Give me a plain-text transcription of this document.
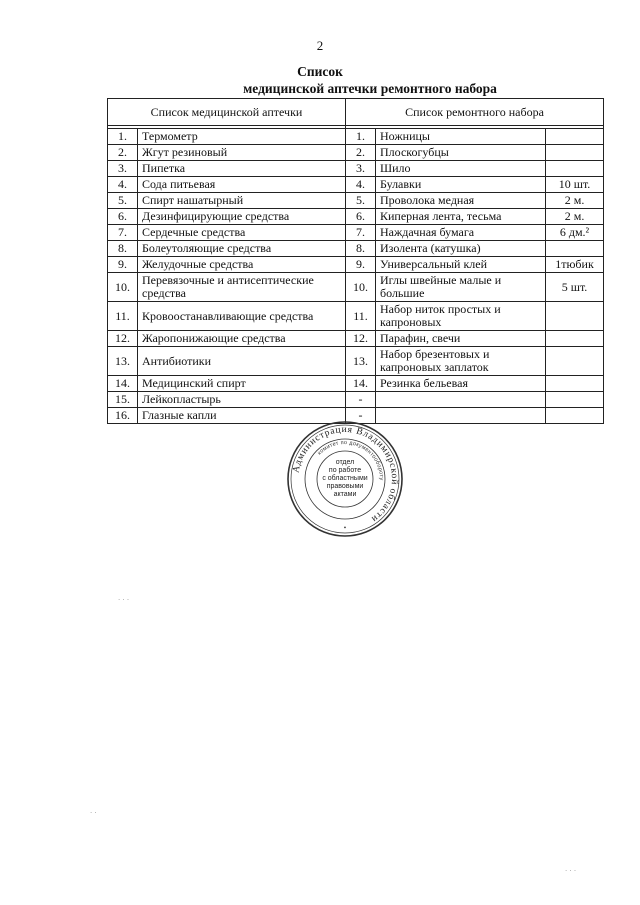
2
Список
медицинской аптечки ремонтного набора
Список медицинской аптечки		Список ремонтного набора		

1.	Термометр	1.	Ножницы	
2.	Жгут резиновый	2.	Плоскогубцы	
3.	Пипетка	3.	Шило	
4.	Сода питьевая	4.	Булавки	10 шт.
5.	Спирт нашатырный	5.	Проволока медная	2 м.
6.	Дезинфицирующие средства	6.	Киперная лента, тесьма	2 м.
7.	Сердечные средства	7.	Наждачная бумага	6 дм.²
8.	Болеутоляющие средства	8.	Изолента (катушка)	
9.	Желудочные средства	9.	Универсальный клей	1тюбик
10.	Перевязочные и антисептические средства	10.	Иглы швейные малые и большие	5 шт.
11.	Кровоостанавливающие средства	11.	Набор ниток простых и капроновых	
12.	Жаропонижающие средства	12.	Парафин, свечи	
13.	Антибиотики	13.	Набор брезентовых и капроновых заплаток	
14.	Медицинский спирт	14.	Резинка бельевая	
15.	Лейкопластырь	-		
16.	Глазные капли	-		
Администрация Владимирской области
комитет по документообороту
•
отдел
по работе
с областными
правовыми
актами
. . .
. .
. . .
